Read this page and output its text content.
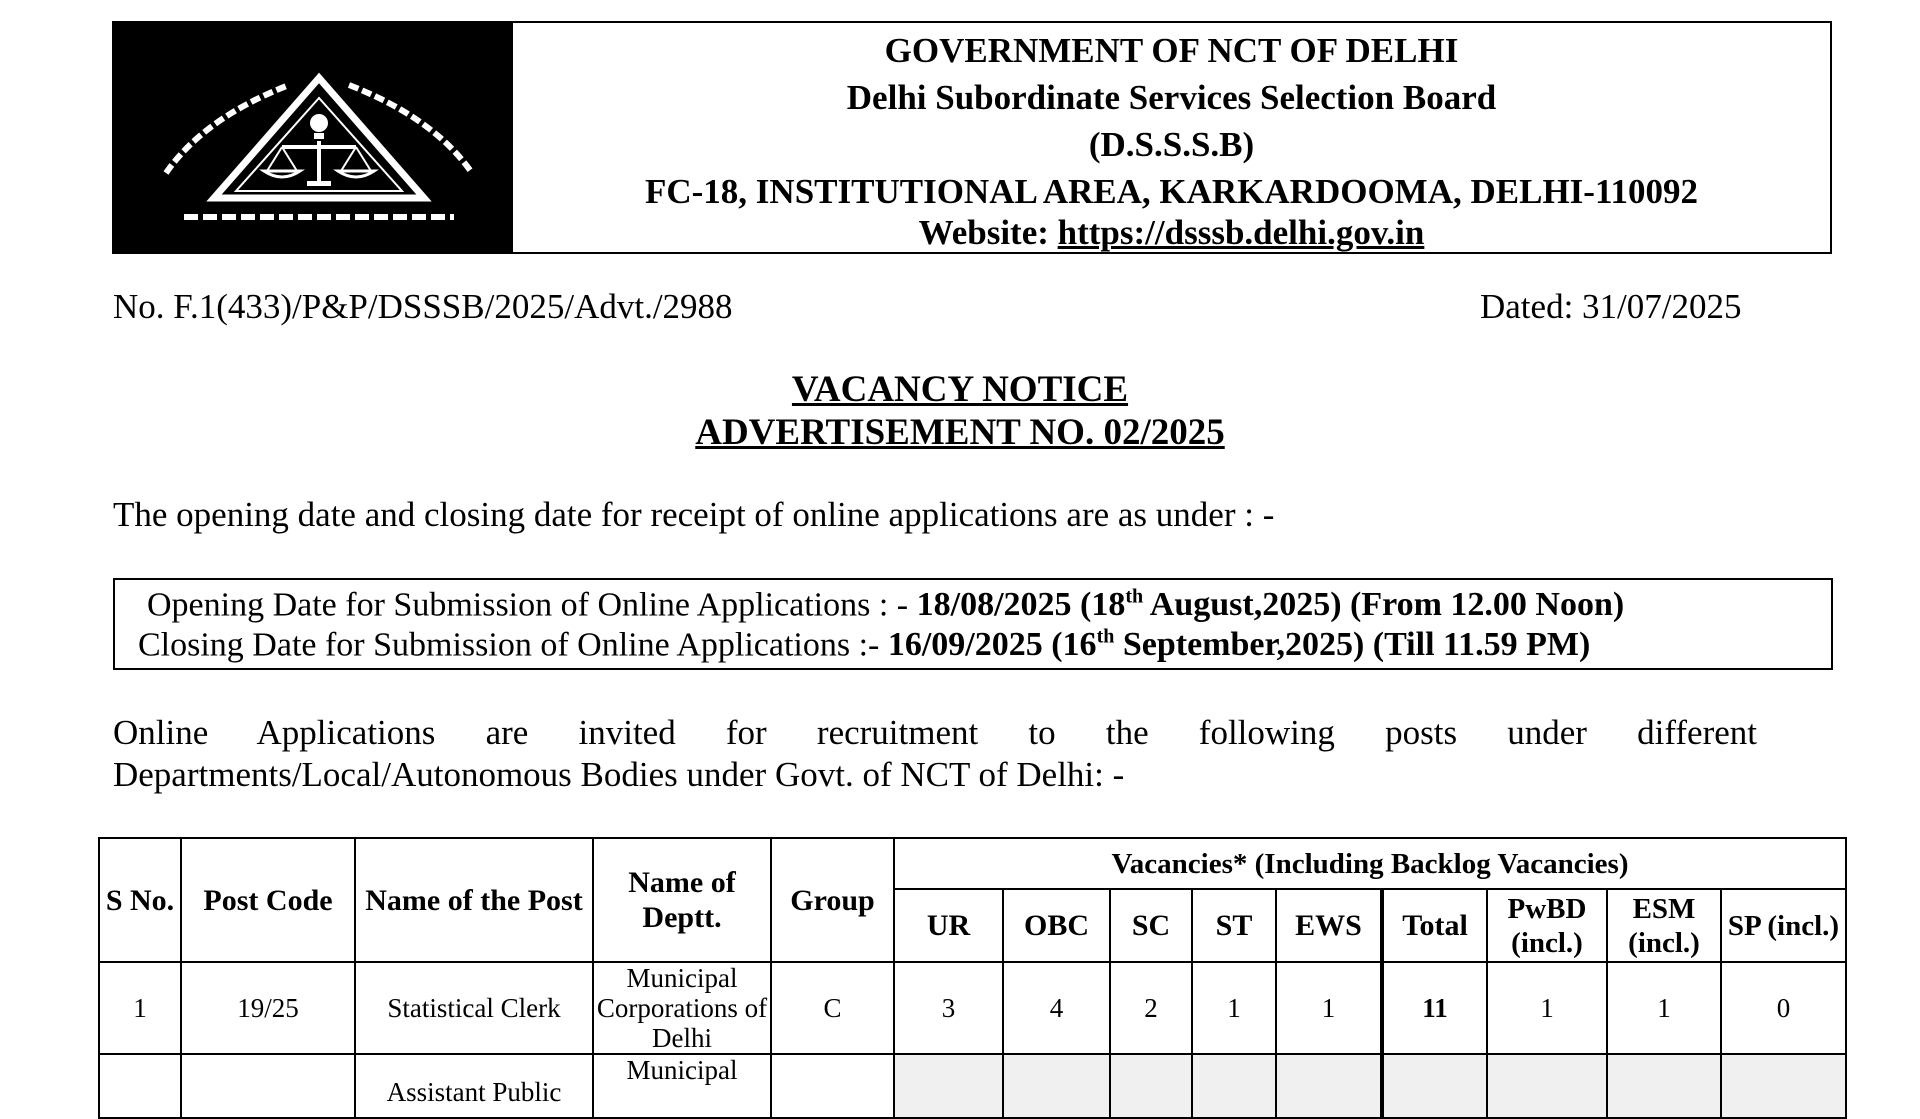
GOVERNMENT OF NCT OF DELHI
Delhi Subordinate Services Selection Board
(D.S.S.S.B)
FC-18, INSTITUTIONAL AREA, KARKARDOOMA, DELHI-110092
Website: https://dsssb.delhi.gov.in
No. F.1(433)/P&P/DSSSB/2025/Advt./2988	Dated: 31/07/2025
VACANCY NOTICE
ADVERTISEMENT NO. 02/2025
The opening date and closing date for receipt of online applications are as under : -
Opening Date for Submission of Online Applications : - 18/08/2025 (18th August,2025) (From 12.00 Noon)
Closing Date for Submission of Online Applications :- 16/09/2025 (16th September,2025) (Till 11.59 PM)
Online Applications are invited for recruitment to the following posts under different Departments/Local/Autonomous Bodies under Govt. of NCT of Delhi: -
S No.	Post Code	Name of the Post	Name of Deptt.	Group	Vacancies* (Including Backlog Vacancies)								
					UR	OBC	SC	ST	EWS	Total	PwBD (incl.)	ESM (incl.)	SP (incl.)
1	19/25	Statistical Clerk	Municipal Corporations of Delhi	C	3	4	2	1	1	11	1	1	0
		Assistant Public	Municipal										
